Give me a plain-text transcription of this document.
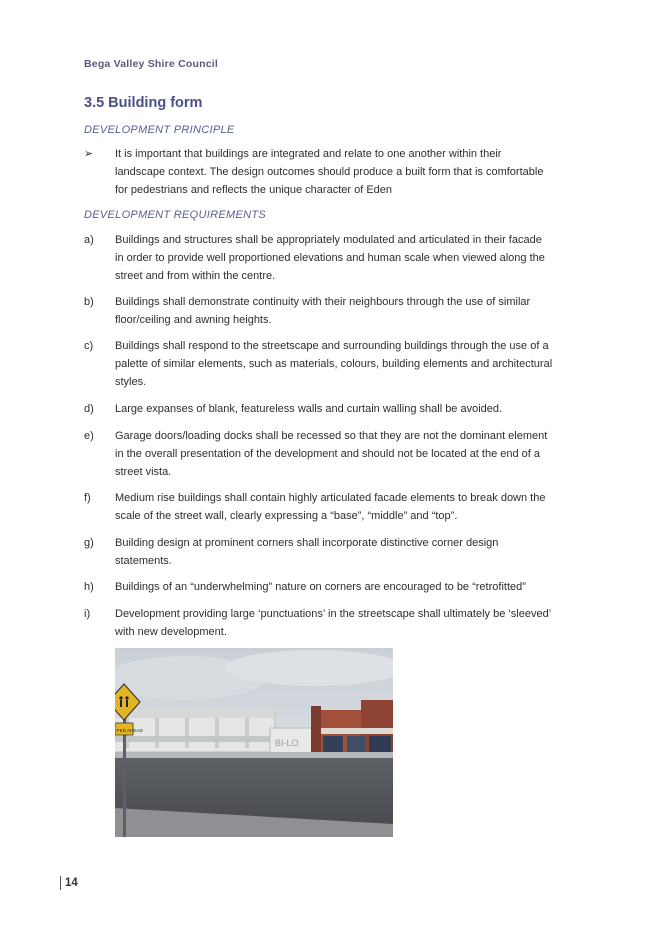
Bega Valley Shire Council
3.5 Building form
DEVELOPMENT PRINCIPLE
➢	It is important that buildings are integrated and relate to one another within their landscape context. The design outcomes should produce a built form that is comfortable for pedestrians and reflects the unique character of Eden
DEVELOPMENT REQUIREMENTS
a)	Buildings and structures shall be appropriately modulated and articulated in their facade in order to provide well proportioned elevations and human scale when viewed along the street and from within the centre.
b)	Buildings shall demonstrate continuity with their neighbours through the use of similar floor/ceiling and awning heights.
c)	Buildings shall respond to the streetscape and surrounding buildings through the use of a palette of similar elements, such as materials, colours, building elements and architectural styles.
d)	Large expanses of blank, featureless walls and curtain walling shall be avoided.
e)	Garage doors/loading docks shall be recessed so that they are not the dominant element in the overall presentation of the development and should not be located at the end of a street vista.
f)	Medium rise buildings shall contain highly articulated facade elements to break down the scale of the street wall, clearly expressing a “base”, “middle” and “top”.
g)	Building design at prominent corners shall incorporate distinctive corner design statements.
h)	Buildings of an “underwhelming” nature on corners are encouraged to be “retrofitted”
i)	Development providing large ‘punctuations’ in the streetscape shall ultimately be ‘sleeved’ with new development.
BI-LO
PED AHEAD
14
